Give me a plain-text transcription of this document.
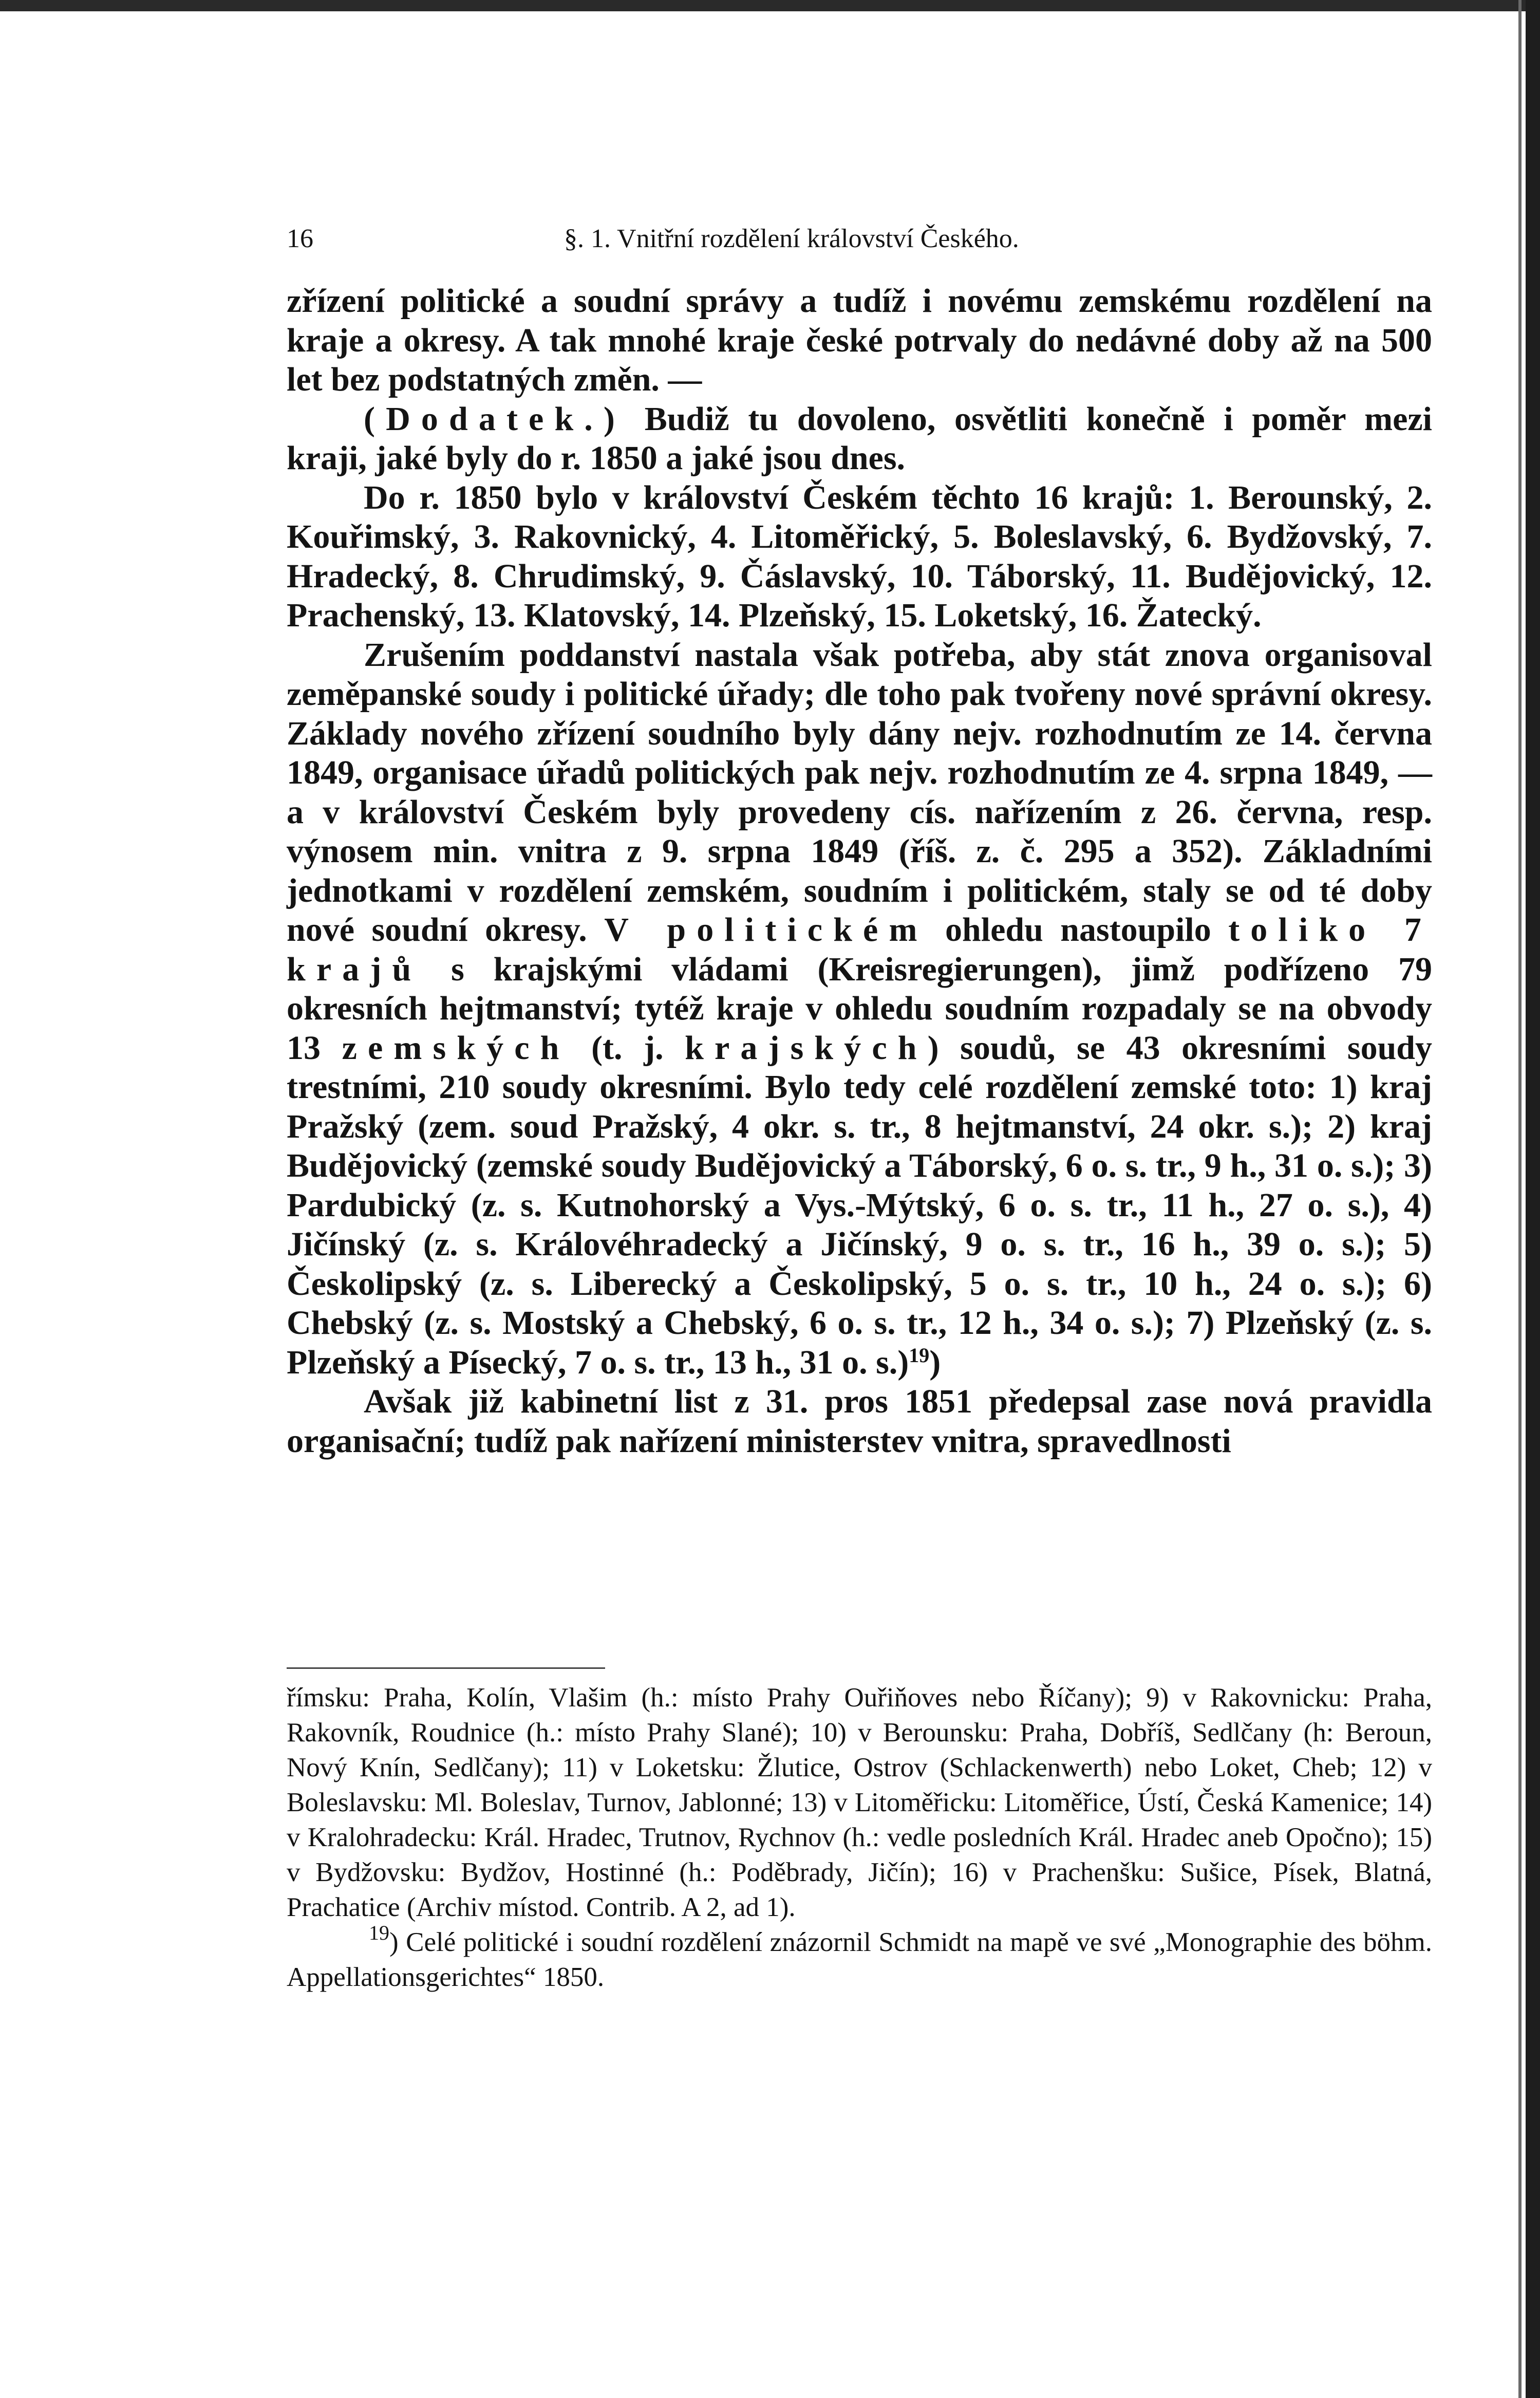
16	§. 1. Vnitřní rozdělení království Českého.

zřízení politické a soudní správy a tudíž i novému zemskému rozdělení na kraje a okresy. A tak mnohé kraje české potrvaly do nedávné doby až na 500 let bez podstatných změn. —

(Dodatek.) Budiž tu dovoleno, osvětliti konečně i poměr mezi kraji, jaké byly do r. 1850 a jaké jsou dnes.

Do r. 1850 bylo v království Českém těchto 16 krajů: 1. Berounský, 2. Kouřimský, 3. Rakovnický, 4. Litoměřický, 5. Boleslavský, 6. Bydžovský, 7. Hradecký, 8. Chrudimský, 9. Čáslavský, 10. Táborský, 11. Budějovický, 12. Prachenský, 13. Klatovský, 14. Plzeňský, 15. Loketský, 16. Žatecký.

Zrušením poddanství nastala však potřeba, aby stát znova organisoval zeměpanské soudy i politické úřady; dle toho pak tvořeny nové správní okresy. Základy nového zřízení soudního byly dány nejv. rozhodnutím ze 14. června 1849, organisace úřadů politických pak nejv. rozhodnutím ze 4. srpna 1849, — a v království Českém byly provedeny cís. nařízením z 26. června, resp. výnosem min. vnitra z 9. srpna 1849 (říš. z. č. 295 a 352). Základními jednotkami v rozdělení zemském, soudním i politickém, staly se od té doby nové soudní okresy. V politickém ohledu nastoupilo toliko 7 krajů s krajskými vládami (Kreisregierungen), jimž podřízeno 79 okresních hejtmanství; tytéž kraje v ohledu soudním rozpadaly se na obvody 13 zemských (t. j. krajských) soudů, se 43 okresními soudy trestními, 210 soudy okresními. Bylo tedy celé rozdělení zemské toto: 1) kraj Pražský (zem. soud Pražský, 4 okr. s. tr., 8 hejtmanství, 24 okr. s.); 2) kraj Budějovický (zemské soudy Budějovický a Táborský, 6 o. s. tr., 9 h., 31 o. s.); 3) Pardubický (z. s. Kutnohorský a Vys.-Mýtský, 6 o. s. tr., 11 h., 27 o. s.), 4) Jičínský (z. s. Královéhradecký a Jičínský, 9 o. s. tr., 16 h., 39 o. s.); 5) Českolipský (z. s. Liberecký a Českolipský, 5 o. s. tr., 10 h., 24 o. s.); 6) Chebský (z. s. Mostský a Chebský, 6 o. s. tr., 12 h., 34 o. s.); 7) Plzeňský (z. s. Plzeňský a Písecký, 7 o. s. tr., 13 h., 31 o. s.)$^{19}$)

Avšak již kabinetní list z 31. pros 1851 předepsal zase nová pravidla organisační; tudíž pak nařízení ministerstev vnitra, spravedlnosti

římsku: Praha, Kolín, Vlašim (h.: místo Prahy Ouřiňoves nebo Říčany); 9) v Rakovnicku: Praha, Rakovník, Roudnice (h.: místo Prahy Slané); 10) v Berounsku: Praha, Dobříš, Sedlčany (h: Beroun, Nový Knín, Sedlčany); 11) v Loketsku: Žlutice, Ostrov (Schlackenwerth) nebo Loket, Cheb; 12) v Boleslavsku: Ml. Boleslav, Turnov, Jablonné; 13) v Litoměřicku: Litoměřice, Ústí, Česká Kamenice; 14) v Kralohradecku: Král. Hradec, Trutnov, Rychnov (h.: vedle posledních Král. Hradec aneb Opočno); 15) v Bydžovsku: Bydžov, Hostinné (h.: Poděbrady, Jičín); 16) v Prachenšku: Sušice, Písek, Blatná, Prachatice (Archiv místod. Contrib. A 2, ad 1).

$^{19}$) Celé politické i soudní rozdělení znázornil Schmidt na mapě ve své „Monographie des böhm. Appellationsgerichtes“ 1850.
